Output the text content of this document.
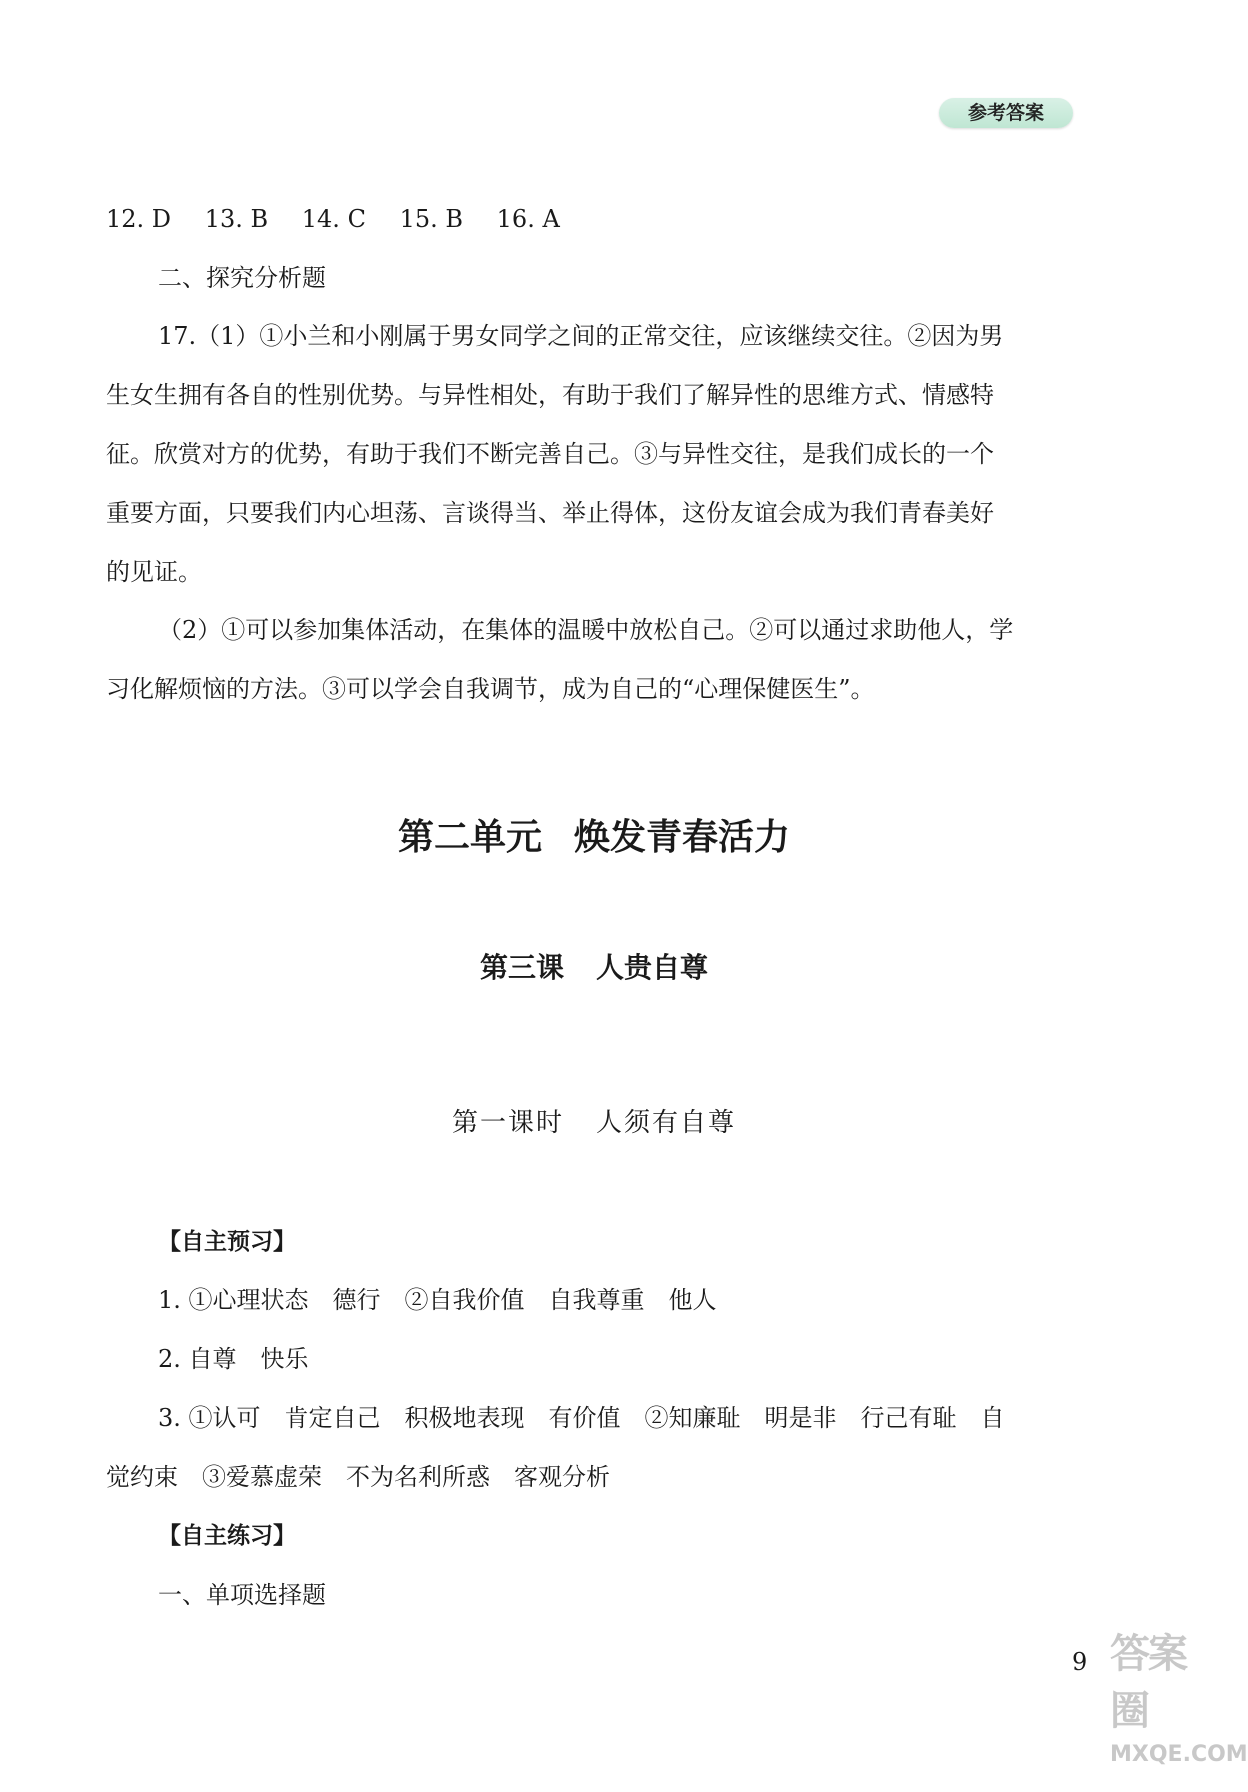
参考答案
12. D 13. B 14. C 15. B 16. A
二、探究分析题

17.（1）①小兰和小刚属于男女同学之间的正常交往，应该继续交往。②因为男

生女生拥有各自的性别优势。与异性相处，有助于我们了解异性的思维方式、情感特

征。欣赏对方的优势，有助于我们不断完善自己。③与异性交往，是我们成长的一个

重要方面，只要我们内心坦荡、言谈得当、举止得体，这份友谊会成为我们青春美好

的见证。

（2）①可以参加集体活动，在集体的温暖中放松自己。②可以通过求助他人，学

习化解烦恼的方法。③可以学会自我调节，成为自己的“心理保健医生”。

第二单元 焕发青春活力
第三课 人贵自尊
第一课时 人须有自尊
【自主预习】
1. ①心理状态　德行　②自我价值　自我尊重　他人
2. 自尊　快乐
3. ①认可　肯定自己　积极地表现　有价值　②知廉耻　明是非　行己有耻　自
觉约束　③爱慕虚荣　不为名利所惑　客观分析
【自主练习】
一、单项选择题
9 答案圈
MXQE.COM
